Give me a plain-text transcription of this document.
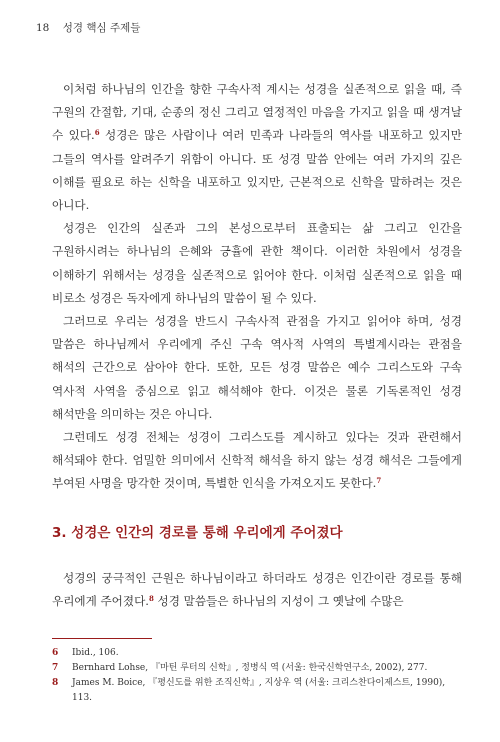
18 성경 핵심 주제들

이처럼 하나님의 인간을 향한 구속사적 계시는 성경을 실존적으로 읽을 때, 즉 구원의 간절함, 기대, 순종의 정신 그리고 열정적인 마음을 가지고 읽을 때 생겨날 수 있다.$^6$ 성경은 많은 사람이나 여러 민족과 나라들의 역사를 내포하고 있지만 그들의 역사를 알려주기 위함이 아니다. 또 성경 말씀 안에는 여러 가지의 깊은 이해를 필요로 하는 신학을 내포하고 있지만, 근본적으로 신학을 말하려는 것은 아니다.

성경은 인간의 실존과 그의 본성으로부터 표출되는 삶 그리고 인간을 구원하시려는 하나님의 은혜와 긍휼에 관한 책이다. 이러한 차원에서 성경을 이해하기 위해서는 성경을 실존적으로 읽어야 한다. 이처럼 실존적으로 읽을 때 비로소 성경은 독자에게 하나님의 말씀이 될 수 있다.

그러므로 우리는 성경을 반드시 구속사적 관점을 가지고 읽어야 하며, 성경 말씀은 하나님께서 우리에게 주신 구속 역사적 사역의 특별계시라는 관점을 해석의 근간으로 삼아야 한다. 또한, 모든 성경 말씀은 예수 그리스도와 구속 역사적 사역을 중심으로 읽고 해석해야 한다. 이것은 물론 기독론적인 성경 해석만을 의미하는 것은 아니다.

그런데도 성경 전체는 성경이 그리스도를 계시하고 있다는 것과 관련해서 해석돼야 한다. 엄밀한 의미에서 신학적 해석을 하지 않는 성경 해석은 그들에게 부여된 사명을 망각한 것이며, 특별한 인식을 가져오지도 못한다.$^7$

3. 성경은 인간의 경로를 통해 우리에게 주어졌다

성경의 궁극적인 근원은 하나님이라고 하더라도 성경은 인간이란 경로를 통해 우리에게 주어졌다.$^8$ 성경 말씀들은 하나님의 지성이 그 옛날에 수많은

6	Ibid., 106.
7	Bernhard Lohse, 『마틴 루터의 신학』, 정병식 역 (서울: 한국신학연구소, 2002), 277.
8	James M. Boice, 『평신도를 위한 조직신학』, 지상우 역 (서울: 크리스찬다이제스트, 1990), 113.
